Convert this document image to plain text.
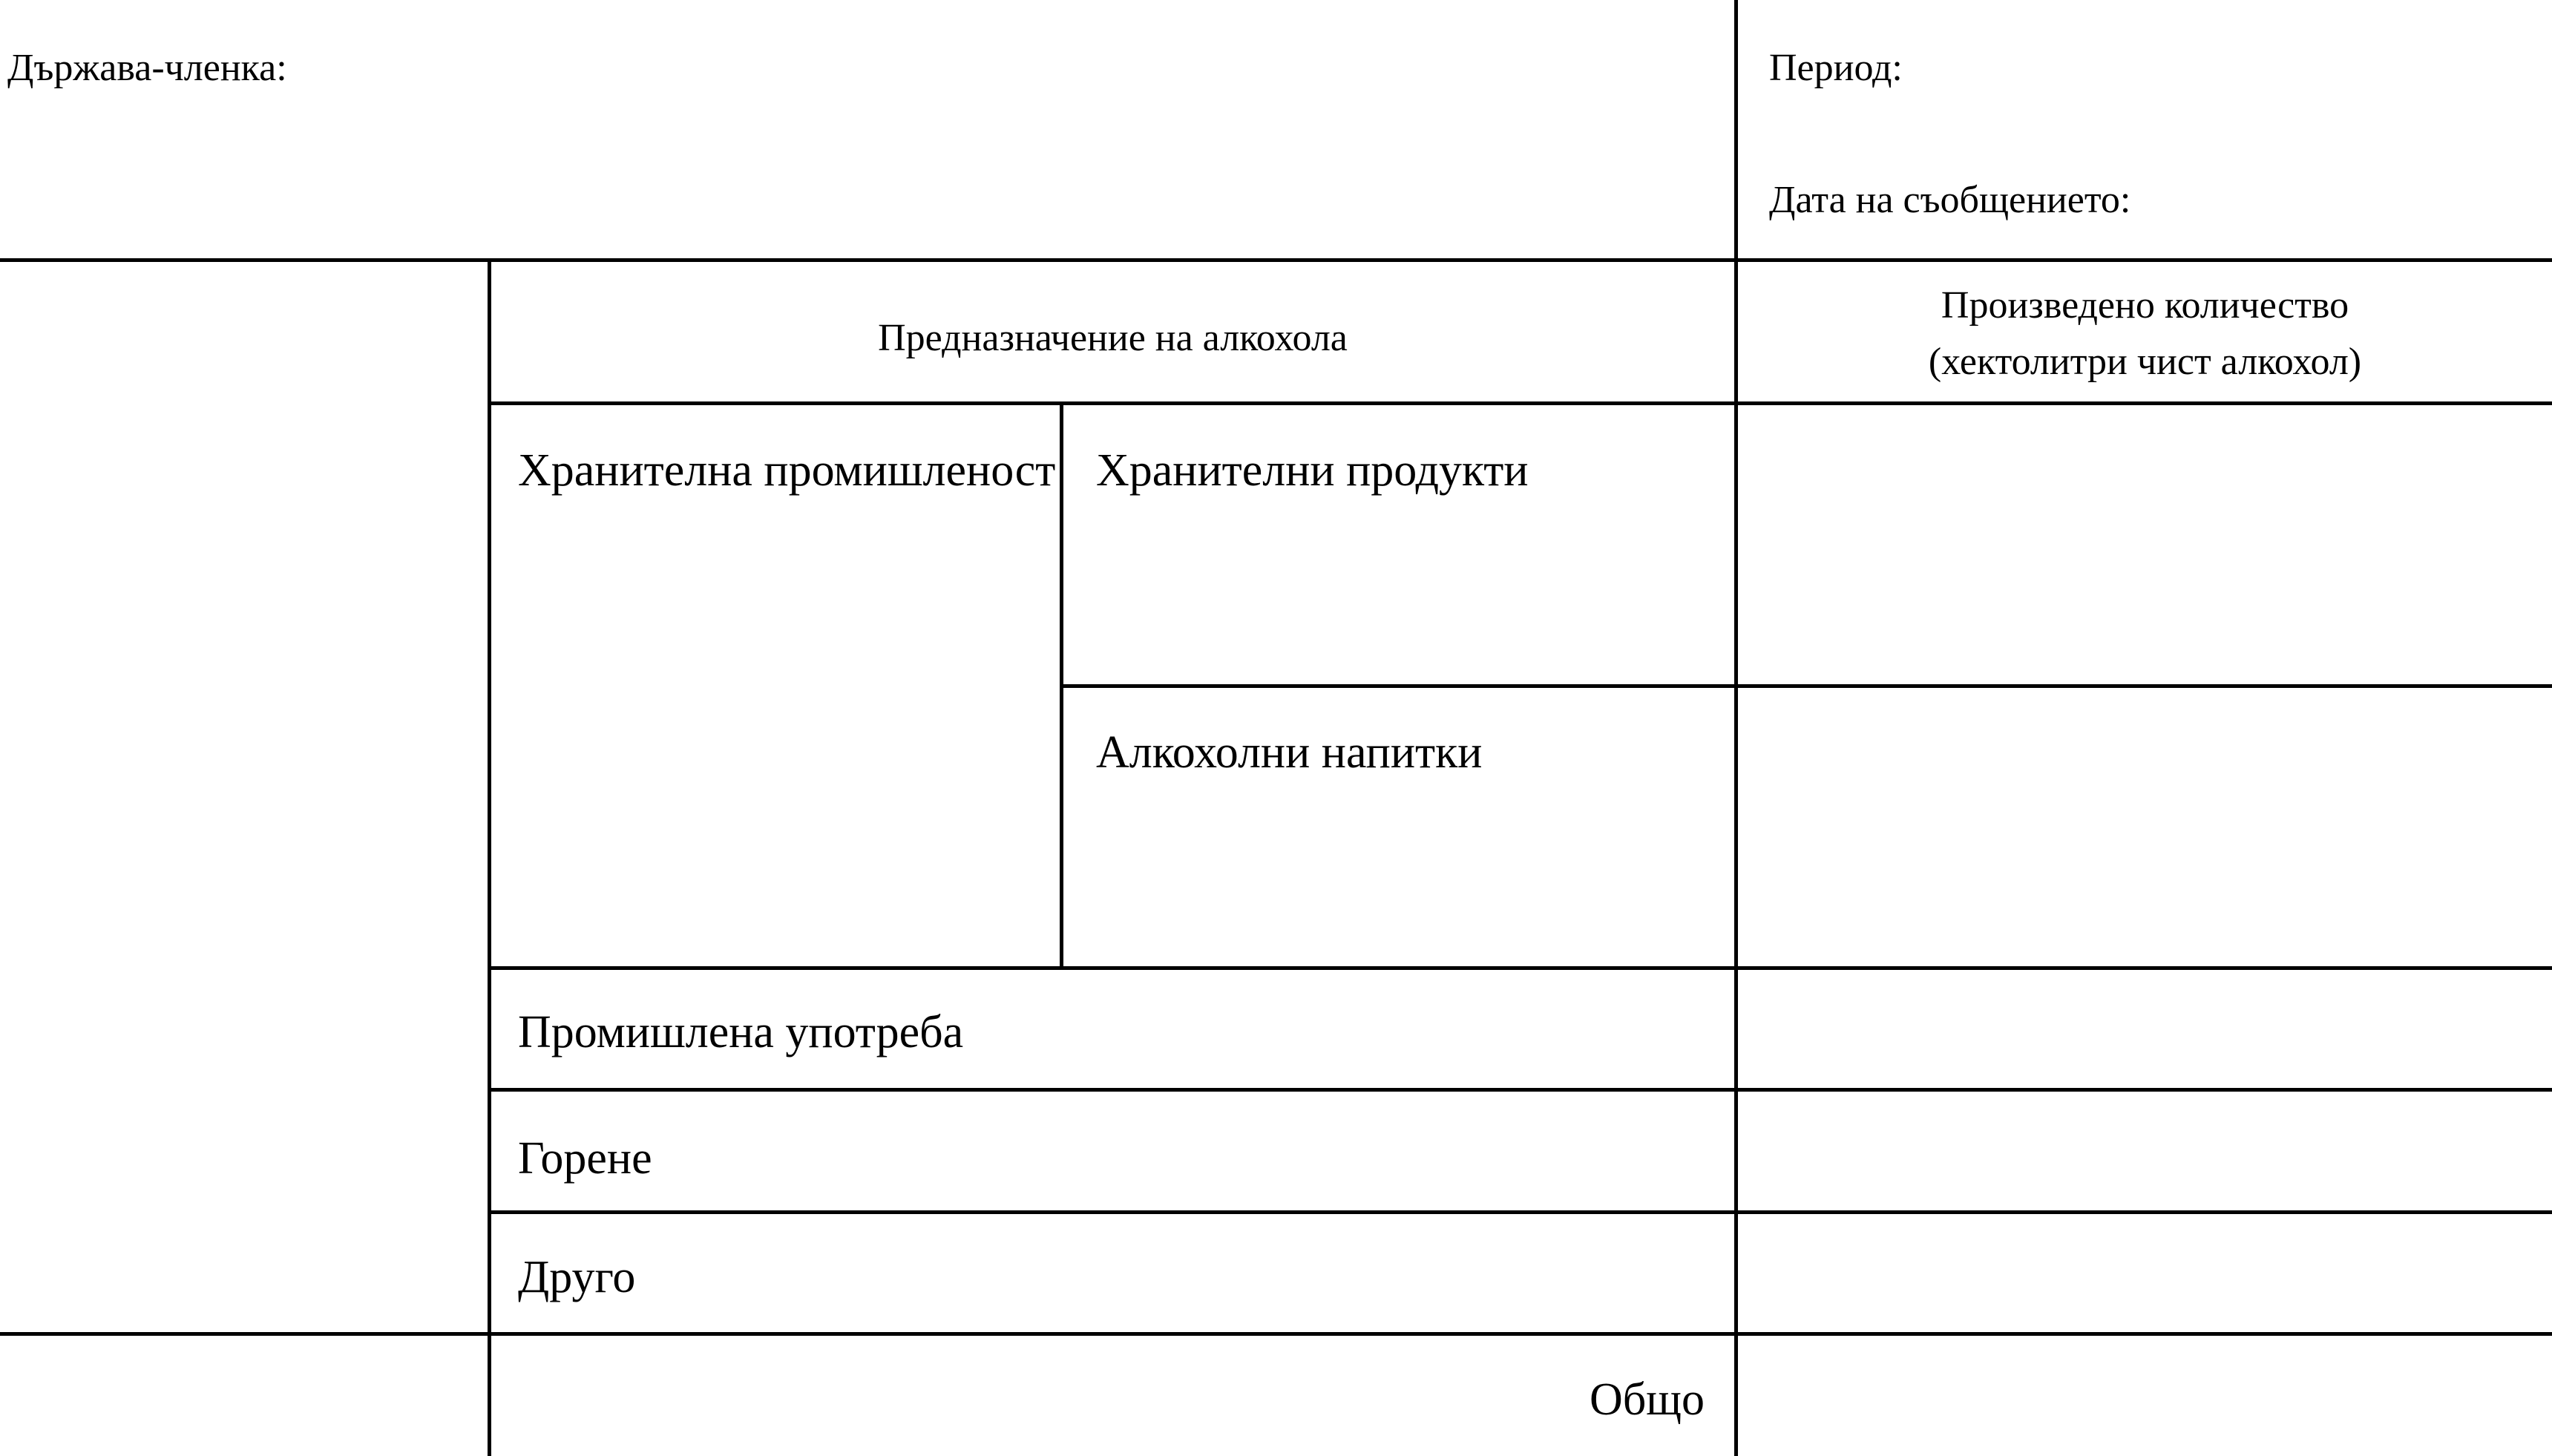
Държава-членка:	Период:
Дата на съобщението:
Предназначение на алкохола
Произведено количество
(хектолитри чист алкохол)
Хранителна промишленост Хранителни продукти
Алкохолни напитки
Промишлена употреба
Горене
Друго
Общо
